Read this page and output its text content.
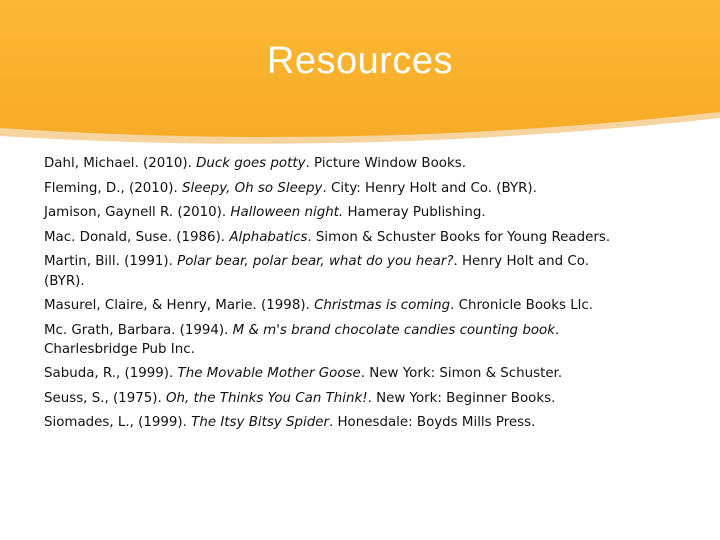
Resources
Dahl, Michael. (2010). Duck goes potty. Picture Window Books.
Fleming, D., (2010). Sleepy, Oh so Sleepy. City: Henry Holt and Co. (BYR).
Jamison, Gaynell R. (2010). Halloween night. Hameray Publishing.
Mac. Donald, Suse. (1986). Alphabatics. Simon & Schuster Books for Young Readers.
Martin, Bill. (1991). Polar bear, polar bear, what do you hear?. Henry Holt and Co.
(BYR).
Masurel, Claire, & Henry, Marie. (1998). Christmas is coming. Chronicle Books Llc.
Mc. Grath, Barbara. (1994). M & m's brand chocolate candies counting book.
Charlesbridge Pub Inc.
Sabuda, R., (1999). The Movable Mother Goose. New York: Simon & Schuster.
Seuss, S., (1975). Oh, the Thinks You Can Think!. New York: Beginner Books.
Siomades, L., (1999). The Itsy Bitsy Spider. Honesdale: Boyds Mills Press.
